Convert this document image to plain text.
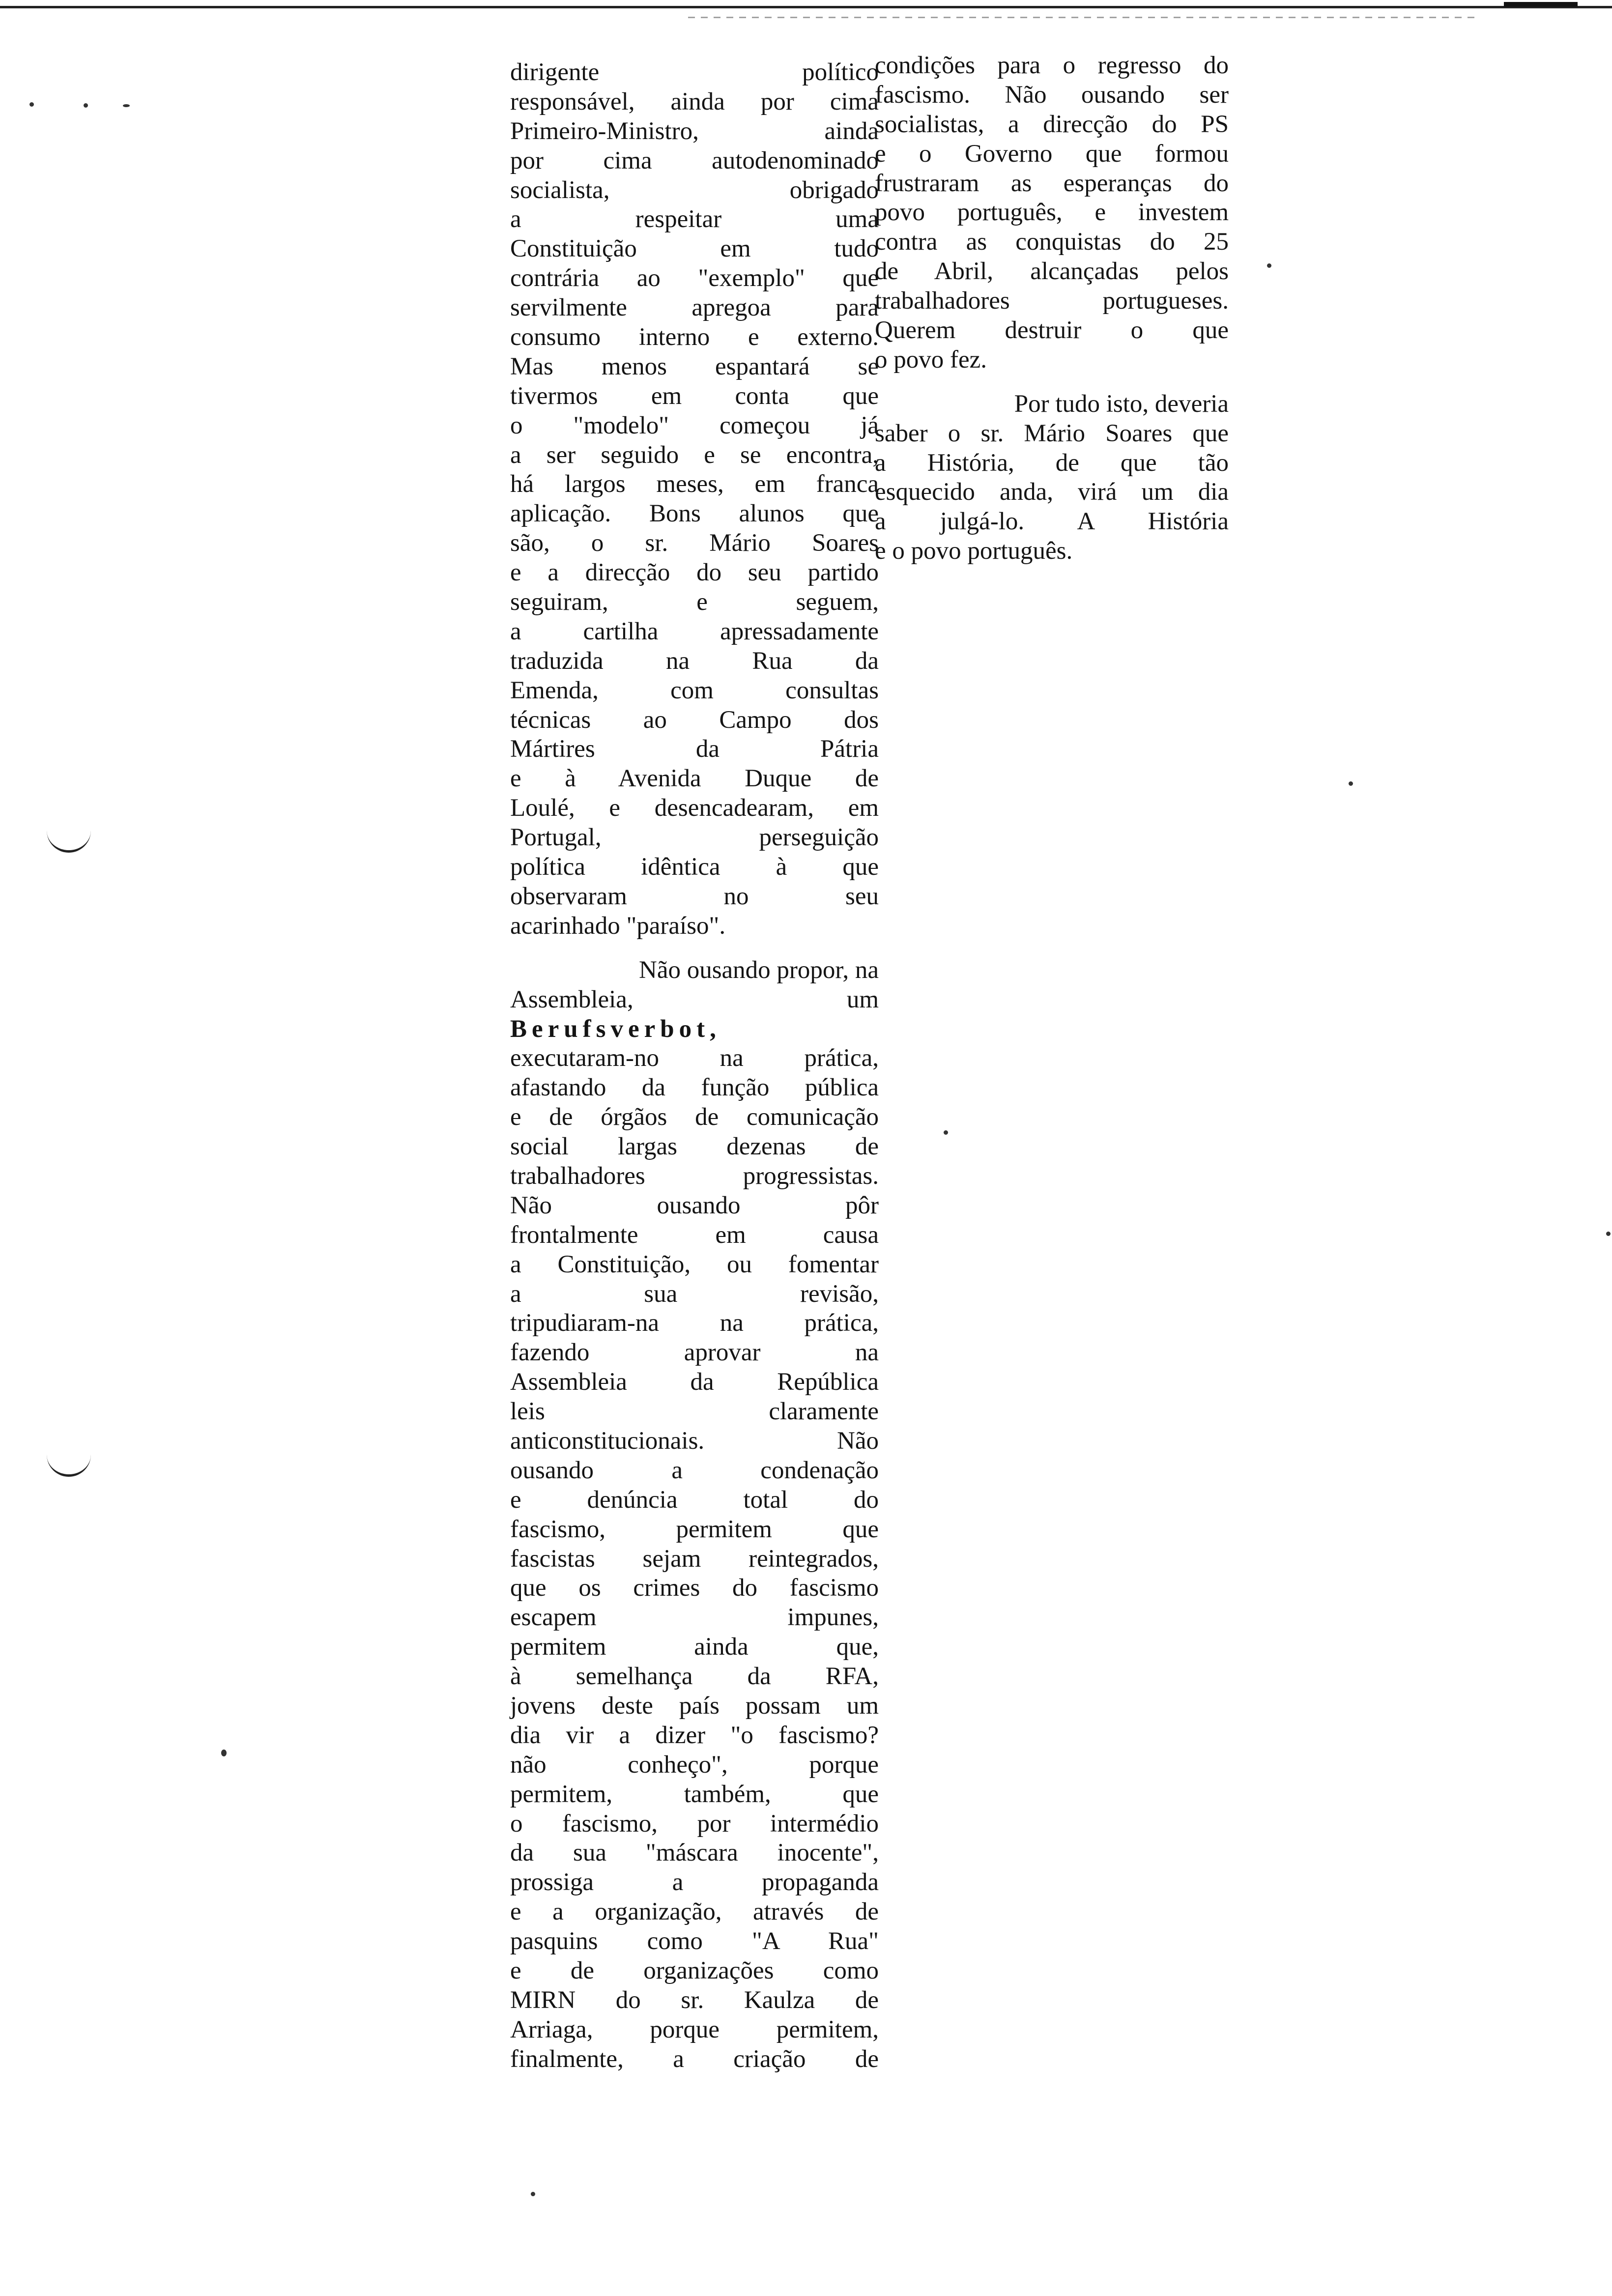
dirigente político
responsável, ainda por cima
Primeiro-Ministro, ainda
por cima autodenominado
socialista, obrigado
a respeitar uma
Constituição em tudo
contrária ao "exemplo" que
servilmente apregoa para
consumo interno e externo.
Mas menos espantará se
tivermos em conta que
o "modelo" começou já
a ser seguido e se encontra,
há largos meses, em franca
aplicação. Bons alunos que
são, o sr. Mário Soares
e a direcção do seu partido
seguiram, e seguem,
a cartilha apressadamente
traduzida na Rua da
Emenda, com consultas
técnicas ao Campo dos
Mártires da Pátria
e à Avenida Duque de
Loulé, e desencadearam, em
Portugal, perseguição
política idêntica à que
observaram no seu
acarinhado "paraíso".
Não ousando propor, na
Assembleia, um
Berufsverbot,
executaram-no na prática,
afastando da função pública
e de órgãos de comunicação
social largas dezenas de
trabalhadores progressistas.
Não ousando pôr
frontalmente em causa
a Constituição, ou fomentar
a sua revisão,
tripudiaram-na na prática,
fazendo aprovar na
Assembleia da República
leis claramente
anticonstitucionais. Não
ousando a condenação
e denúncia total do
fascismo, permitem que
fascistas sejam reintegrados,
que os crimes do fascismo
escapem impunes,
permitem ainda que,
à semelhança da RFA,
jovens deste país possam um
dia vir a dizer "o fascismo?
não conheço", porque
permitem, também, que
o fascismo, por intermédio
da sua "máscara inocente",
prossiga a propaganda
e a organização, através de
pasquins como "A Rua"
e de organizações como
MIRN do sr. Kaulza de
Arriaga, porque permitem,
finalmente, a criação de
condições para o regresso do
fascismo. Não ousando ser
socialistas, a direcção do PS
e o Governo que formou
frustraram as esperanças do
povo português, e investem
contra as conquistas do 25
de Abril, alcançadas pelos
trabalhadores portugueses.
Querem destruir o que
o povo fez.
Por tudo isto, deveria
saber o sr. Mário Soares que
a História, de que tão
esquecido anda, virá um dia
a julgá-lo. A História
e o povo português.
